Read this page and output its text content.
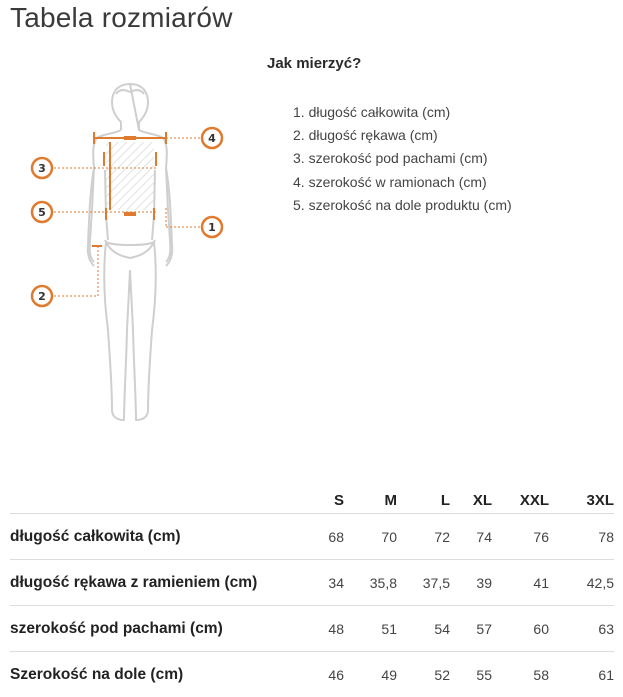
Tabela rozmiarów
3
5
2
4
1
Jak mierzyć?
1. długość całkowita (cm)
2. długość rękawa (cm)
3. szerokość pod pachami (cm)
4. szerokość w ramionach (cm)
5. szerokość na dole produktu (cm)
	S	M	L	XL	XXL	3XL
długość całkowita (cm)	68	70	72	74	76	78
długość rękawa z ramieniem (cm)	34	35,8	37,5	39	41	42,5
szerokość pod pachami (cm)	48	51	54	57	60	63
Szerokość na dole (cm)	46	49	52	55	58	61
